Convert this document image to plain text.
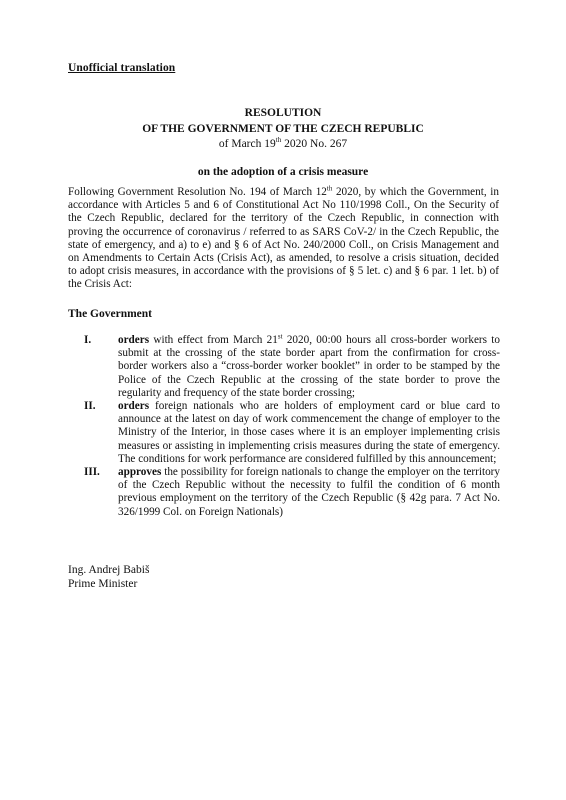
Unofficial translation
RESOLUTION
OF THE GOVERNMENT OF THE CZECH REPUBLIC
of March 19th 2020 No. 267
on the adoption of a crisis measure
Following Government Resolution No. 194 of March 12th 2020, by which the Government, in accordance with Articles 5 and 6 of Constitutional Act No 110/1998 Coll., On the Security of the Czech Republic, declared for the territory of the Czech Republic, in connection with proving the occurrence of coronavirus / referred to as SARS CoV-2/ in the Czech Republic, the state of emergency, and a) to e) and § 6 of Act No. 240/2000 Coll., on Crisis Management and on Amendments to Certain Acts (Crisis Act), as amended, to resolve a crisis situation, decided to adopt crisis measures, in accordance with the provisions of § 5 let. c) and § 6 par. 1 let. b) of the Crisis Act:
The Government
I.	orders with effect from March 21st 2020, 00:00 hours all cross-border workers to submit at the crossing of the state border apart from the confirmation for cross-border workers also a “cross-border worker booklet” in order to be stamped by the Police of the Czech Republic at the crossing of the state border to prove the regularity and frequency of the state border crossing;
II.	orders foreign nationals who are holders of employment card or blue card to announce at the latest on day of work commencement the change of employer to the Ministry of the Interior, in those cases where it is an employer implementing crisis measures or assisting in implementing crisis measures during the state of emergency. The conditions for work performance are considered fulfilled by this announcement;
III.	approves the possibility for foreign nationals to change the employer on the territory of the Czech Republic without the necessity to fulfil the condition of 6 month previous employment on the territory of the Czech Republic (§ 42g para. 7 Act No. 326/1999 Col. on Foreign Nationals)
Ing. Andrej Babiš
Prime Minister
